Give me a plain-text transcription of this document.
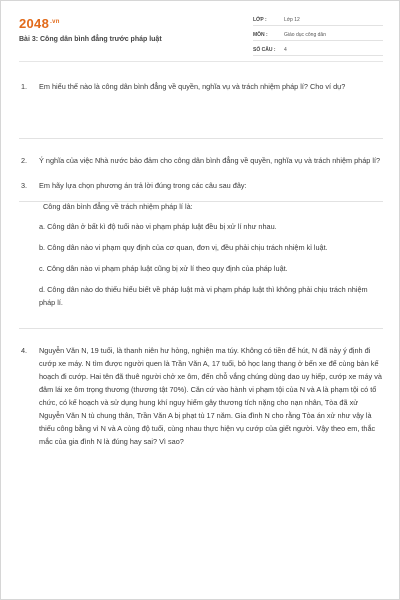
$2048^{.vn}$
Bài 3: Công dân bình đẳng trước pháp luật
LỚP :	Lớp 12
MÔN :	Giáo dục công dân
SỐ CÂU :	4
1.	Em hiểu thế nào là công dân bình đẳng về quyền, nghĩa vụ và trách nhiệm pháp lí? Cho ví dụ?
2.	Ý nghĩa của việc Nhà nước bảo đảm cho công dân bình đẳng về quyền, nghĩa vụ và trách nhiệm pháp lí?
3.	Em hãy lựa chọn phương án trả lời đúng trong các câu sau đây:
Công dân bình đẳng về trách nhiệm pháp lí là:
a. Công dân ở bất kì độ tuổi nào vi phạm pháp luật đều bị xử lí như nhau.
b. Công dân nào vi phạm quy định của cơ quan, đơn vị, đều phải chịu trách nhiệm kỉ luật.
c. Công dân nào vi phạm pháp luật cũng bị xử lí theo quy định của pháp luật.
d. Công dân nào do thiếu hiểu biết về pháp luật mà vi phạm pháp luật thì không phải chịu trách nhiệm pháp lí.
4.	Nguyễn Văn N, 19 tuổi, là thanh niên hư hỏng, nghiện ma túy. Không có tiền để hút, N đã nảy ý định đi cướp xe máy. N tìm được người quen là Trần Văn A, 17 tuổi, bỏ học lang thang ở bến xe để cùng bàn kế hoạch đi cướp. Hai tên đã thuê người chở xe ôm, đến chỗ vắng chúng dùng dao uy hiếp, cướp xe máy và đâm lái xe ôm trọng thương (thương tật 70%). Căn cứ vào hành vi phạm tội của N và A là phạm tội có tổ chức, có kế hoạch và sử dụng hung khí nguy hiểm gây thương tích nặng cho nạn nhân, Tòa đã xử Nguyễn Văn N tù chung thân, Trần Văn A bị phạt tù 17 năm. Gia đình N cho rằng Tòa án xử như vậy là thiếu công bằng vì N và A cùng độ tuổi, cùng nhau thực hiện vụ cướp của giết người. Vậy theo em, thắc mắc của gia đình N là đúng hay sai? Vì sao?
